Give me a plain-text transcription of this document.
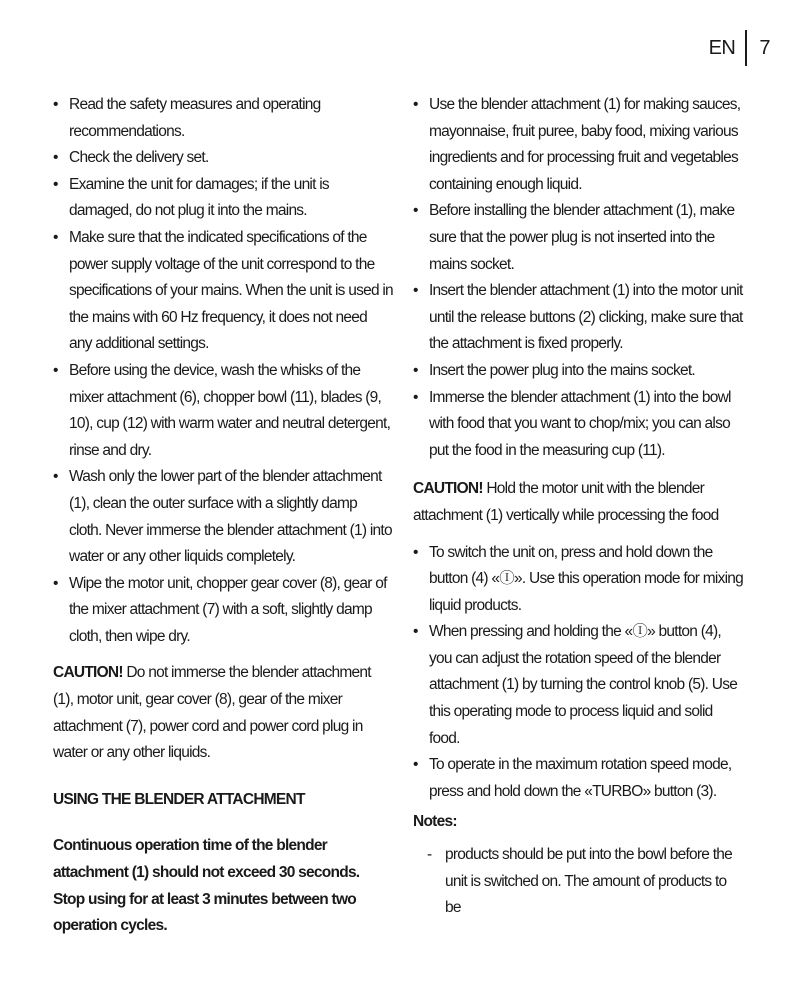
EN 7
• Read the safety measures and operating recommendations.
• Check the delivery set.
• Examine the unit for damages; if the unit is damaged, do not plug it into the mains.
• Make sure that the indicated specifications of the power supply voltage of the unit correspond to the specifications of your mains. When the unit is used in the mains with 60 Hz frequency, it does not need any additional settings.
• Before using the device, wash the whisks of the mixer attachment (6), chopper bowl (11), blades (9, 10), cup (12) with warm water and neutral detergent, rinse and dry.
• Wash only the lower part of the blender attachment (1), clean the outer surface with a slightly damp cloth. Never immerse the blender attachment (1) into water or any other liquids completely.
• Wipe the motor unit, chopper gear cover (8), gear of the mixer attachment (7) with a soft, slightly damp cloth, then wipe dry.

CAUTION! Do not immerse the blender attachment (1), motor unit, gear cover (8), gear of the mixer attachment (7), power cord and power cord plug in water or any other liquids.

USING THE BLENDER ATTACHMENT

Continuous operation time of the blender attachment (1) should not exceed 30 seconds. Stop using for at least 3 minutes between two operation cycles.

• Use the blender attachment (1) for making sauces, mayonnaise, fruit puree, baby food, mixing various ingredients and for processing fruit and vegetables containing enough liquid.
• Before installing the blender attachment (1), make sure that the power plug is not inserted into the mains socket.
• Insert the blender attachment (1) into the motor unit until the release buttons (2) clicking, make sure that the attachment is fixed properly.
• Insert the power plug into the mains socket.
• Immerse the blender attachment (1) into the bowl with food that you want to chop/mix; you can also put the food in the measuring cup (11).

CAUTION! Hold the motor unit with the blender attachment (1) vertically while processing the food

• To switch the unit on, press and hold down the button (4) «Ⓘ». Use this operation mode for mixing liquid products.
• When pressing and holding the «Ⓘ» button (4), you can adjust the rotation speed of the blender attachment (1) by turning the control knob (5). Use this operating mode to process liquid and solid food.
• To operate in the maximum rotation speed mode, press and hold down the «TURBO» button (3).

Notes:

- products should be put into the bowl before the unit is switched on. The amount of products to be
